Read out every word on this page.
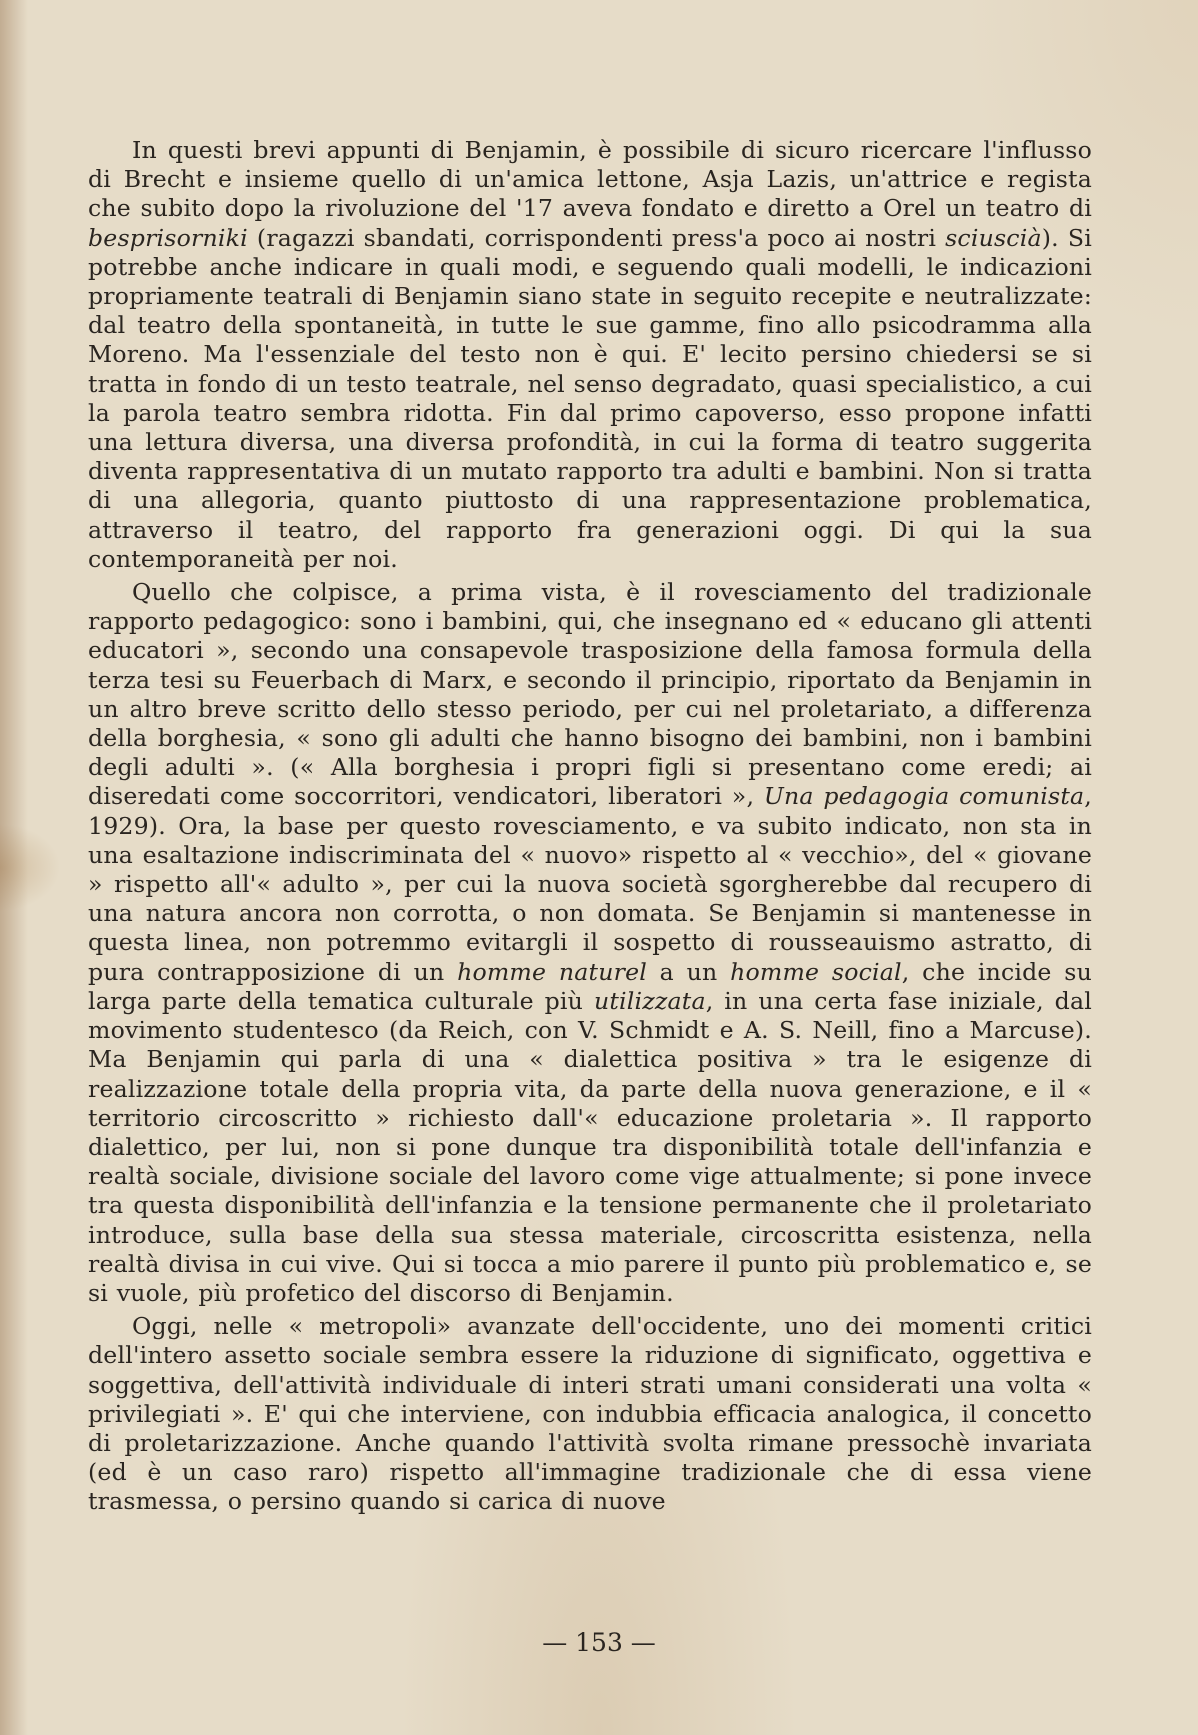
In questi brevi appunti di Benjamin, è possibile di sicuro ricercare l'influsso di Brecht e insieme quello di un'amica lettone, Asja Lazis, un'attrice e regista che subito dopo la rivoluzione del '17 aveva fondato e diretto a Orel un teatro di besprisorniki (ragazzi sbandati, corrispondenti press'a poco ai nostri sciuscià). Si potrebbe anche indicare in quali modi, e seguendo quali modelli, le indicazioni propriamente teatrali di Benjamin siano state in seguito recepite e neutralizzate: dal teatro della spontaneità, in tutte le sue gamme, fino allo psicodramma alla Moreno. Ma l'essenziale del testo non è qui. E' lecito persino chiedersi se si tratta in fondo di un testo teatrale, nel senso degradato, quasi specialistico, a cui la parola teatro sembra ridotta. Fin dal primo capoverso, esso propone infatti una lettura diversa, una diversa profondità, in cui la forma di teatro suggerita diventa rappresentativa di un mutato rapporto tra adulti e bambini. Non si tratta di una allegoria, quanto piuttosto di una rappresentazione problematica, attraverso il teatro, del rapporto fra generazioni oggi. Di qui la sua contemporaneità per noi.

Quello che colpisce, a prima vista, è il rovesciamento del tradizionale rapporto pedagogico: sono i bambini, qui, che insegnano ed « educano gli attenti educatori », secondo una consapevole trasposizione della famosa formula della terza tesi su Feuerbach di Marx, e secondo il principio, riportato da Benjamin in un altro breve scritto dello stesso periodo, per cui nel proletariato, a differenza della borghesia, « sono gli adulti che hanno bisogno dei bambini, non i bambini degli adulti ». (« Alla borghesia i propri figli si presentano come eredi; ai diseredati come soccorritori, vendicatori, liberatori », Una pedagogia comunista, 1929). Ora, la base per questo rovesciamento, e va subito indicato, non sta in una esaltazione indiscriminata del « nuovo» rispetto al « vecchio», del « giovane » rispetto all'« adulto », per cui la nuova società sgorgherebbe dal recupero di una natura ancora non corrotta, o non domata. Se Benjamin si mantenesse in questa linea, non potremmo evitargli il sospetto di rousseauismo astratto, di pura contrapposizione di un homme naturel a un homme social, che incide su larga parte della tematica culturale più utilizzata, in una certa fase iniziale, dal movimento studentesco (da Reich, con V. Schmidt e A. S. Neill, fino a Marcuse). Ma Benjamin qui parla di una « dialettica positiva » tra le esigenze di realizzazione totale della propria vita, da parte della nuova generazione, e il « territorio circoscritto » richiesto dall'« educazione proletaria ». Il rapporto dialettico, per lui, non si pone dunque tra disponibilità totale dell'infanzia e realtà sociale, divisione sociale del lavoro come vige attualmente; si pone invece tra questa disponibilità dell'infanzia e la tensione permanente che il proletariato introduce, sulla base della sua stessa materiale, circoscritta esistenza, nella realtà divisa in cui vive. Qui si tocca a mio parere il punto più problematico e, se si vuole, più profetico del discorso di Benjamin.

Oggi, nelle « metropoli» avanzate dell'occidente, uno dei momenti critici dell'intero assetto sociale sembra essere la riduzione di significato, oggettiva e soggettiva, dell'attività individuale di interi strati umani considerati una volta « privilegiati ». E' qui che interviene, con indubbia efficacia analogica, il concetto di proletarizzazione. Anche quando l'attività svolta rimane pressochè invariata (ed è un caso raro) rispetto all'immagine tradizionale che di essa viene trasmessa, o persino quando si carica di nuove

— 153 —
